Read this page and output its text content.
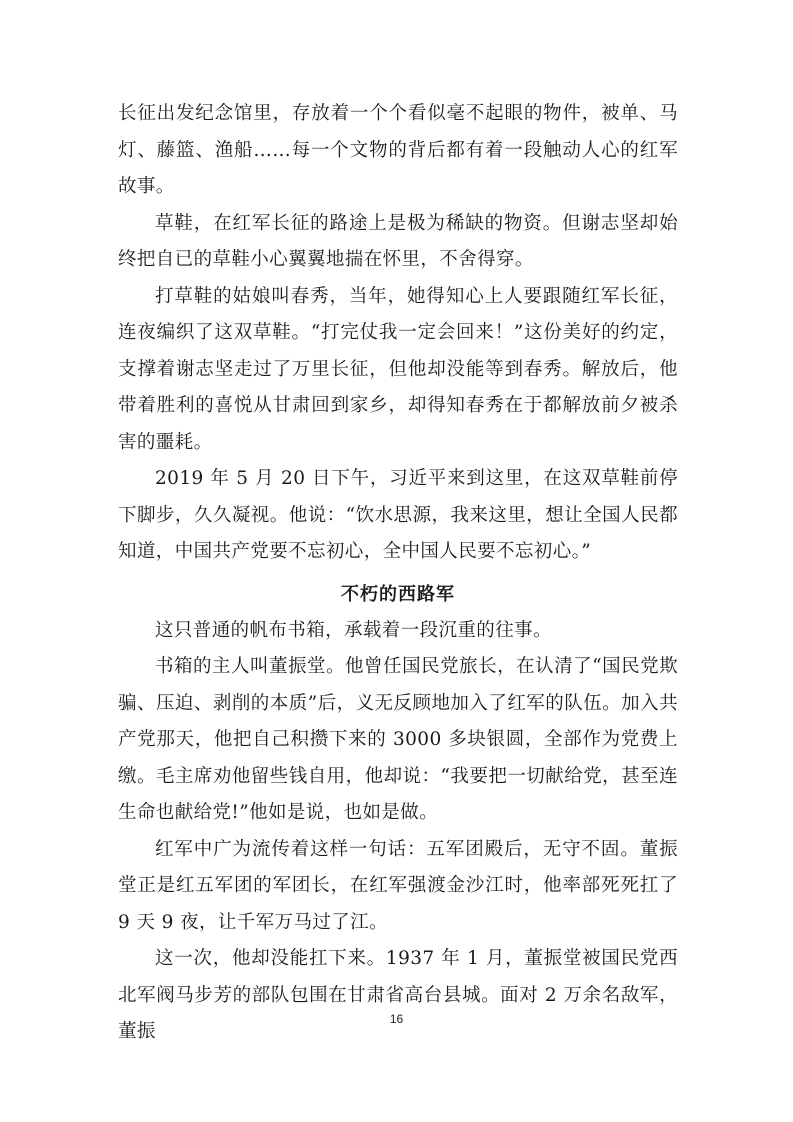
长征出发纪念馆里，存放着一个个看似毫不起眼的物件，被单、马灯、藤篮、渔船……每一个文物的背后都有着一段触动人心的红军故事。

草鞋，在红军长征的路途上是极为稀缺的物资。但谢志坚却始终把自已的草鞋小心翼翼地揣在怀里，不舍得穿。

打草鞋的姑娘叫春秀，当年，她得知心上人要跟随红军长征，连夜编织了这双草鞋。“打完仗我一定会回来！”这份美好的约定，支撑着谢志坚走过了万里长征，但他却没能等到春秀。解放后，他带着胜利的喜悦从甘肃回到家乡，却得知春秀在于都解放前夕被杀害的噩耗。

2019 年 5 月 20 日下午，习近平来到这里，在这双草鞋前停下脚步，久久凝视。他说：“饮水思源，我来这里，想让全国人民都知道，中国共产党要不忘初心，全中国人民要不忘初心。”

不朽的西路军

这只普通的帆布书箱，承载着一段沉重的往事。

书箱的主人叫董振堂。他曾任国民党旅长，在认清了“国民党欺骗、压迫、剥削的本质”后，义无反顾地加入了红军的队伍。加入共产党那天，他把自己积攒下来的 3000 多块银圆，全部作为党费上缴。毛主席劝他留些钱自用，他却说：“我要把一切献给党，甚至连生命也献给党!”他如是说，也如是做。

红军中广为流传着这样一句话：五军团殿后，无守不固。董振堂正是红五军团的军团长，在红军强渡金沙江时，他率部死死扛了 9 天 9 夜，让千军万马过了江。

这一次，他却没能扛下来。1937 年 1 月，董振堂被国民党西北军阀马步芳的部队包围在甘肃省高台县城。面对 2 万余名敌军，董振

16
